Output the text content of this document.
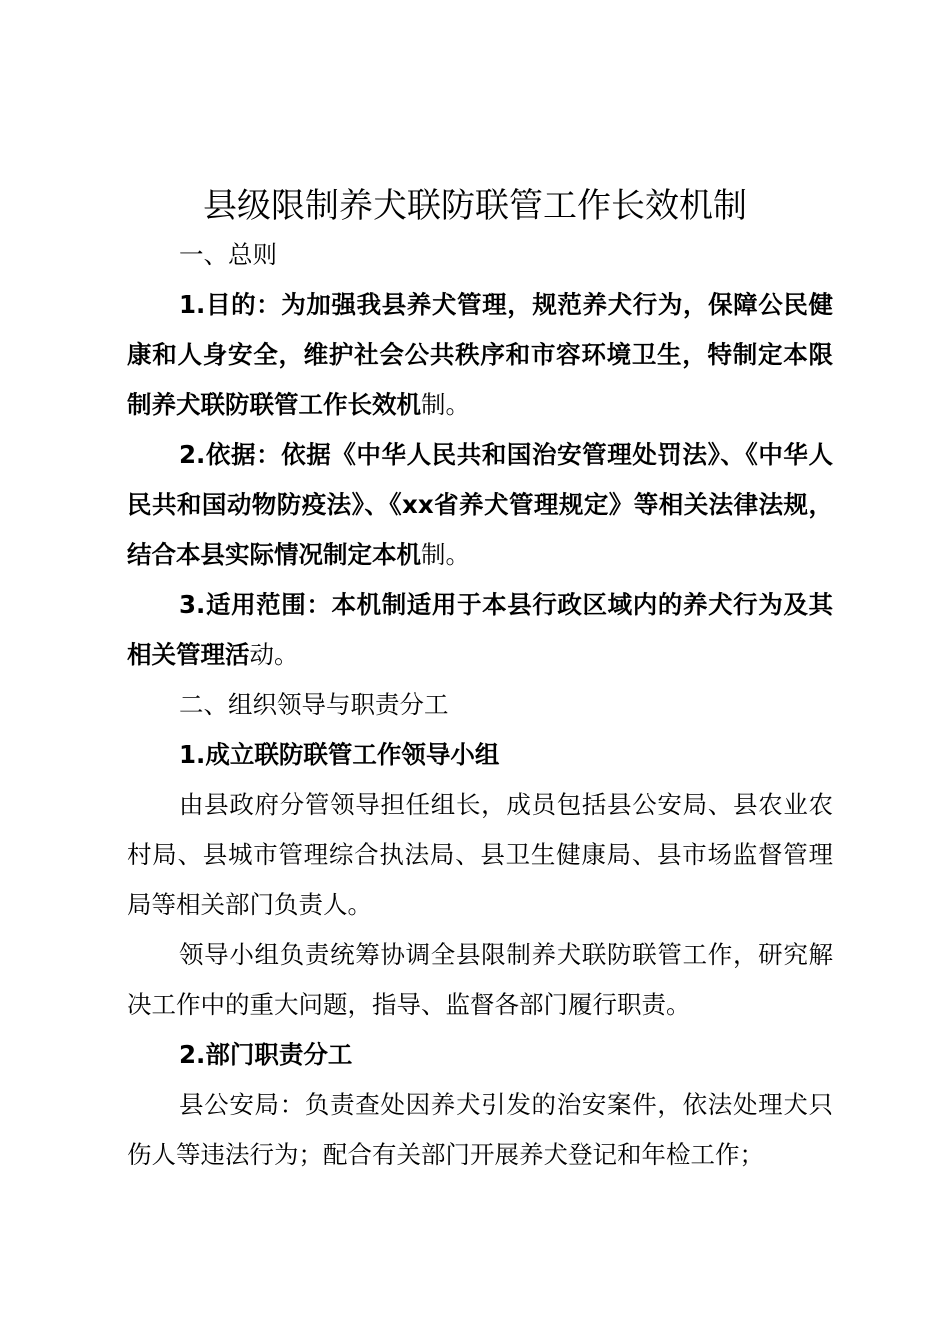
县级限制养犬联防联管工作长效机制

一、总则

1.目的：为加强我县养犬管理，规范养犬行为，保障公民健康和人身安全，维护社会公共秩序和市容环境卫生，特制定本限制养犬联防联管工作长效机制。

2.依据：依据《中华人民共和国治安管理处罚法》、《中华人民共和国动物防疫法》、《xx省养犬管理规定》等相关法律法规，结合本县实际情况制定本机制。

3.适用范围：本机制适用于本县行政区域内的养犬行为及其相关管理活动。

二、组织领导与职责分工

1.成立联防联管工作领导小组

由县政府分管领导担任组长，成员包括县公安局、县农业农村局、县城市管理综合执法局、县卫生健康局、县市场监督管理局等相关部门负责人。

领导小组负责统筹协调全县限制养犬联防联管工作，研究解决工作中的重大问题，指导、监督各部门履行职责。

2.部门职责分工

县公安局：负责查处因养犬引发的治安案件，依法处理犬只伤人等违法行为；配合有关部门开展养犬登记和年检工作；
